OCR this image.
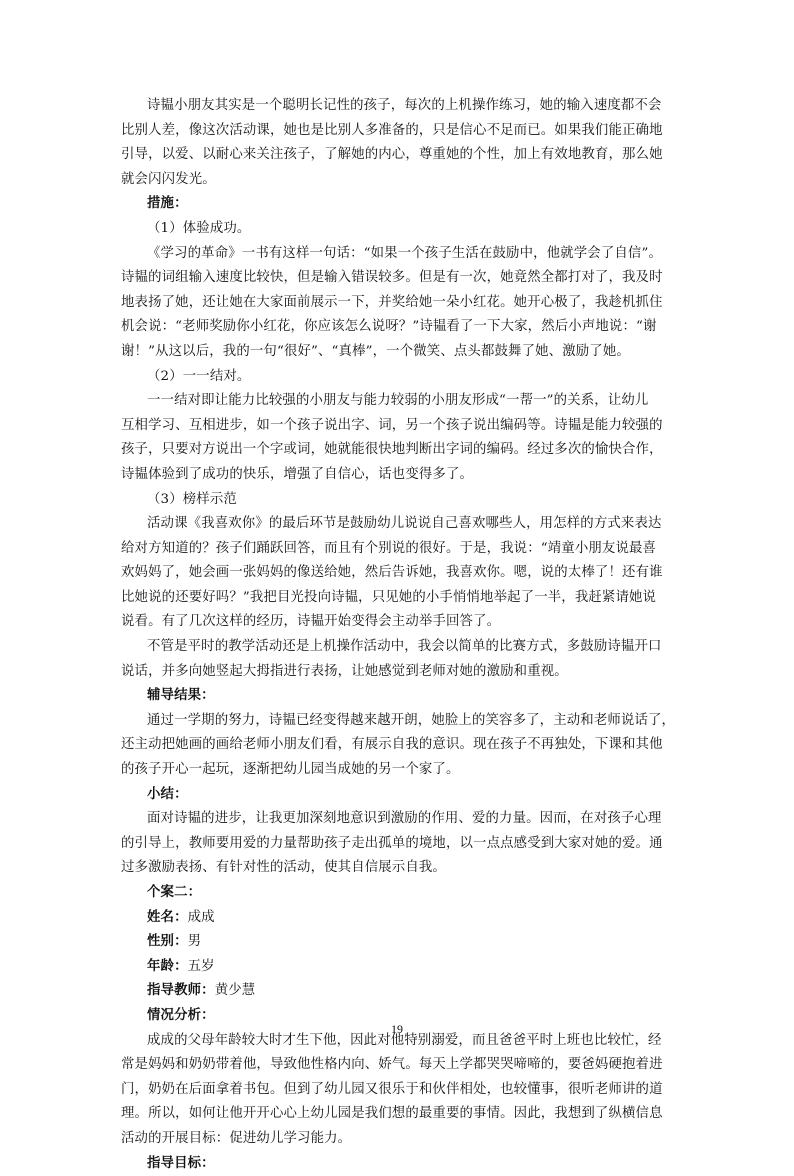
诗韫小朋友其实是一个聪明长记性的孩子，每次的上机操作练习，她的输入速度都不会
比别人差，像这次活动课，她也是比别人多准备的，只是信心不足而已。如果我们能正确地
引导，以爱、以耐心来关注孩子，了解她的内心，尊重她的个性，加上有效地教育，那么她
就会闪闪发光。
措施：
（1）体验成功。
《学习的革命》一书有这样一句话：“如果一个孩子生活在鼓励中，他就学会了自信”。
诗韫的词组输入速度比较快，但是输入错误较多。但是有一次，她竟然全都打对了，我及时
地表扬了她，还让她在大家面前展示一下，并奖给她一朵小红花。她开心极了，我趁机抓住
机会说：“老师奖励你小红花，你应该怎么说呀？”诗韫看了一下大家，然后小声地说：“谢
谢！”从这以后，我的一句“很好”、“真棒”，一个微笑、点头都鼓舞了她、激励了她。
（2）一一结对。
一一结对即让能力比较强的小朋友与能力较弱的小朋友形成“一帮一”的关系，让幼儿
互相学习、互相进步，如一个孩子说出字、词，另一个孩子说出编码等。诗韫是能力较强的
孩子，只要对方说出一个字或词，她就能很快地判断出字词的编码。经过多次的愉快合作，
诗韫体验到了成功的快乐，增强了自信心，话也变得多了。
（3）榜样示范
活动课《我喜欢你》的最后环节是鼓励幼儿说说自己喜欢哪些人，用怎样的方式来表达
给对方知道的？孩子们踊跃回答，而且有个别说的很好。于是，我说：“靖童小朋友说最喜
欢妈妈了，她会画一张妈妈的像送给她，然后告诉她，我喜欢你。嗯，说的太棒了！还有谁
比她说的还要好吗？”我把目光投向诗韫，只见她的小手悄悄地举起了一半，我赶紧请她说
说看。有了几次这样的经历，诗韫开始变得会主动举手回答了。
不管是平时的教学活动还是上机操作活动中，我会以简单的比赛方式，多鼓励诗韫开口
说话，并多向她竖起大拇指进行表扬，让她感觉到老师对她的激励和重视。
辅导结果：
通过一学期的努力，诗韫已经变得越来越开朗，她脸上的笑容多了，主动和老师说话了，
还主动把她画的画给老师小朋友们看，有展示自我的意识。现在孩子不再独处，下课和其他
的孩子开心一起玩，逐渐把幼儿园当成她的另一个家了。
小结：
面对诗韫的进步，让我更加深刻地意识到激励的作用、爱的力量。因而，在对孩子心理
的引导上，教师要用爱的力量帮助孩子走出孤单的境地，以一点点感受到大家对她的爱。通
过多激励表扬、有针对性的活动，使其自信展示自我。
个案二：
姓名：成成
性别：男
年龄：五岁
指导教师：黄少慧
情况分析：
成成的父母年龄较大时才生下他，因此对他特别溺爱，而且爸爸平时上班也比较忙，经
常是妈妈和奶奶带着他，导致他性格内向、娇气。每天上学都哭哭啼啼的，要爸妈硬抱着进
门，奶奶在后面拿着书包。但到了幼儿园又很乐于和伙伴相处，也较懂事，很听老师讲的道
理。所以，如何让他开开心心上幼儿园是我们想的最重要的事情。因此，我想到了纵横信息
活动的开展目标：促进幼儿学习能力。
指导目标：
19
